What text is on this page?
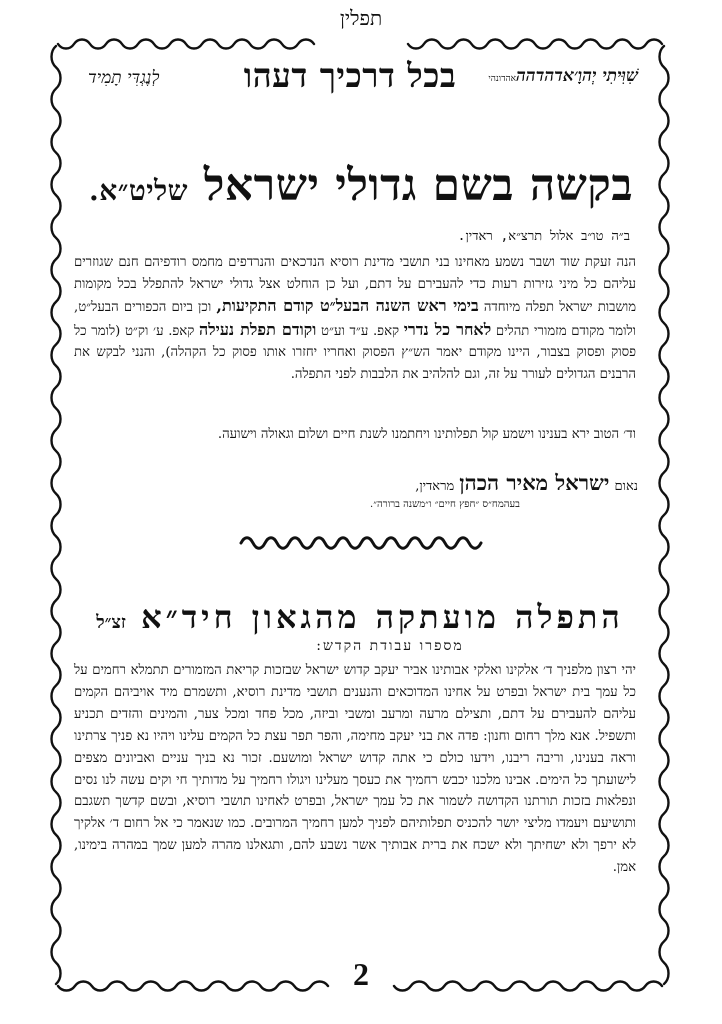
תפלין
שִׁוִּיתִי יְהוָ׳אדהדההאהדונהי
בכל דרכיך דעהו
לְנֶגְדִּי תָמִיד
בקשה בשם גדולי ישראל שליט״א.
ב״ה טו״ב אלול תרצ״א, ראדין.
הנה זעקת שוד ושבר נשמע מאחינו בני תושבי מדינת רוסיא הנדכאים והנרדפים מחמס רודפיהם חנם שגוזרים עליהם כל מיני גזירות רעות כדי להעבירם על דתם, ועל כן הוחלט אצל גדולי ישראל להתפלל בכל מקומות מושבות ישראל תפלה מיוחדה בימי ראש השנה הבעל״ט קודם התקיעות, וכן ביום הכפורים הבעל״ט, ולומר מקודם מזמורי תהלים לאחר כל נדרי קאפ. ע״ד וע״ט וקודם תפלת נעילה קאפ. ע׳ וק״ט (לומר כל פסוק ופסוק בצבור, היינו מקודם יאמר הש״ץ הפסוק ואחריו יחזרו אותו פסוק כל הקהלה), והנני לבקש את הרבנים הגדולים לעורר על זה, וגם להלהיב את הלבבות לפני התפלה.
וד׳ הטוב ירא בענינו וישמע קול תפלותינו ויחתמנו לשנת חיים ושלום וגאולה וישועה.
נאום ישראל מאיר הכהן מראדין,
בעהמח״ס ״חפץ חיים״ ו״משנה ברורה״.
התפלה מועתקה מהגאון חיד״א זצ״ל
מספרו עבודת הקדש:
יהי רצון מלפניך ד׳ אלקינו ואלקי אבותינו אביר יעקב קדוש ישראל שבזכות קריאת המזמורים תתמלא רחמים על כל עמך בית ישראל ובפרט על אחינו המדוכאים והנענים תושבי מדינת רוסיא, ותשמרם מיד אויביהם הקמים עליהם להעבירם על דתם, ותצילם מרעה ומרעב ומשבי וביזה, מכל פחד ומכל צער, והמינים והזדים תכניע ותשפיל. אנא מלך רחום וחנון: פדה את בני יעקב מחימה, והפר תפר עצת כל הקמים עלינו ויהיו נא פניך צרתינו וראה בענינו, וריבה ריבנו, וידעו כולם כי אתה קדוש ישראל ומושעם. זכור נא בניך עניים ואביונים מצפים לישועתך כל הימים. אבינו מלכנו יכבש רחמיך את כעסך מעלינו ויגולו רחמיך על מדותיך חי וקים עשה לנו נסים ונפלאות בזכות תורתנו הקדושה לשמור את כל עמך ישראל, ובפרט לאחינו תושבי רוסיא, ובשם קדשך תשגבם ותושיעם ויעמדו מליצי יושר להכניס תפלותיהם לפניך למען רחמיך המרובים. כמו שנאמר כי אל רחום ד׳ אלקיך לא ירפך ולא ישחיתך ולא ישכח את ברית אבותיך אשר נשבע להם, ותגאלנו מהרה למען שמך במהרה בימינו, אמן.
2
